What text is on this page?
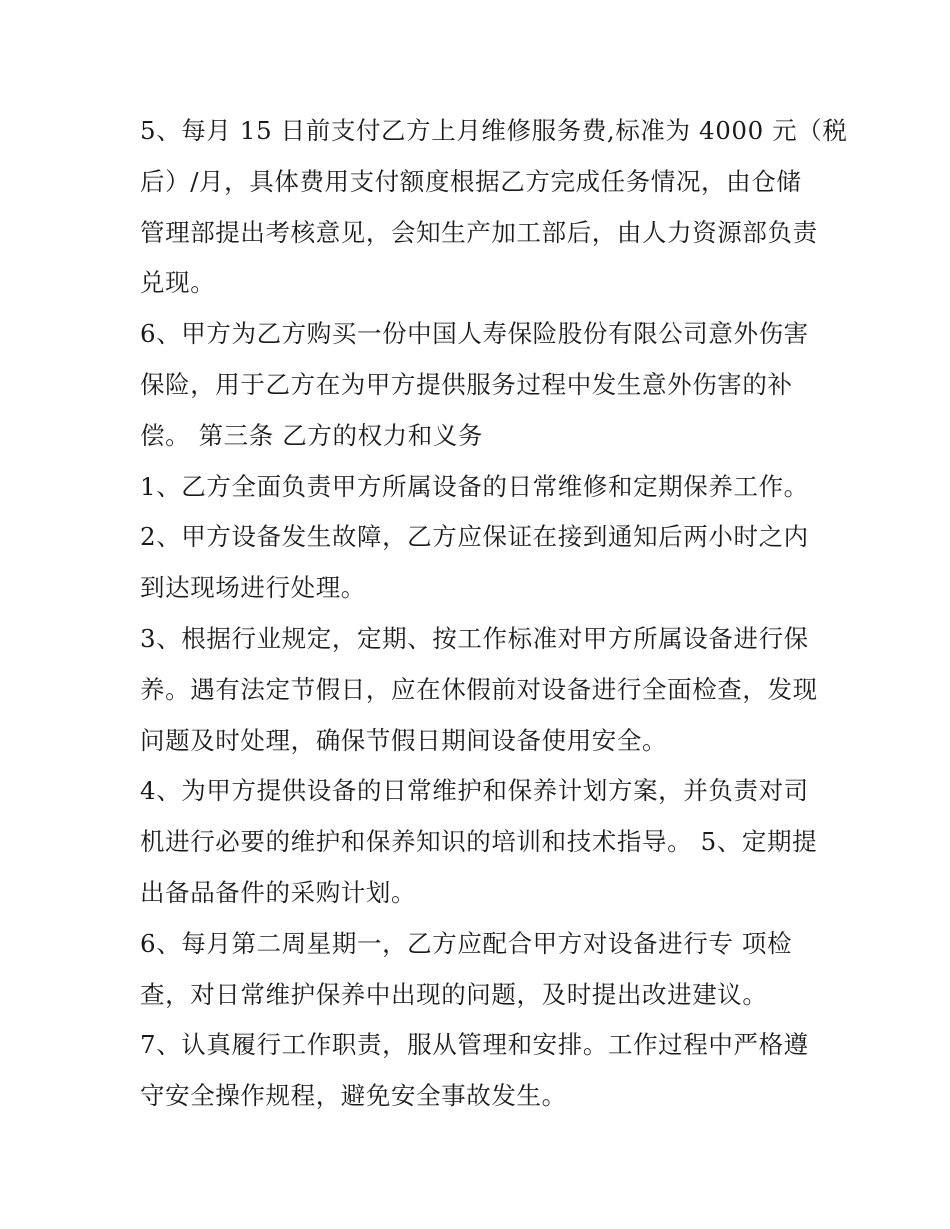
5、每月 15 日前支付乙方上月维修服务费,标准为 4000 元（税
后）/月，具体费用支付额度根据乙方完成任务情况，由仓储
管理部提出考核意见，会知生产加工部后，由人力资源部负责
兑现。
6、甲方为乙方购买一份中国人寿保险股份有限公司意外伤害
保险，用于乙方在为甲方提供服务过程中发生意外伤害的补
偿。 第三条 乙方的权力和义务
1、乙方全面负责甲方所属设备的日常维修和定期保养工作。
2、甲方设备发生故障，乙方应保证在接到通知后两小时之内
到达现场进行处理。
3、根据行业规定，定期、按工作标准对甲方所属设备进行保
养。遇有法定节假日，应在休假前对设备进行全面检查，发现
问题及时处理，确保节假日期间设备使用安全。
4、为甲方提供设备的日常维护和保养计划方案，并负责对司
机进行必要的维护和保养知识的培训和技术指导。 5、定期提
出备品备件的采购计划。
6、每月第二周星期一，乙方应配合甲方对设备进行专 项检
查，对日常维护保养中出现的问题，及时提出改进建议。
7、认真履行工作职责，服从管理和安排。工作过程中严格遵
守安全操作规程，避免安全事故发生。
